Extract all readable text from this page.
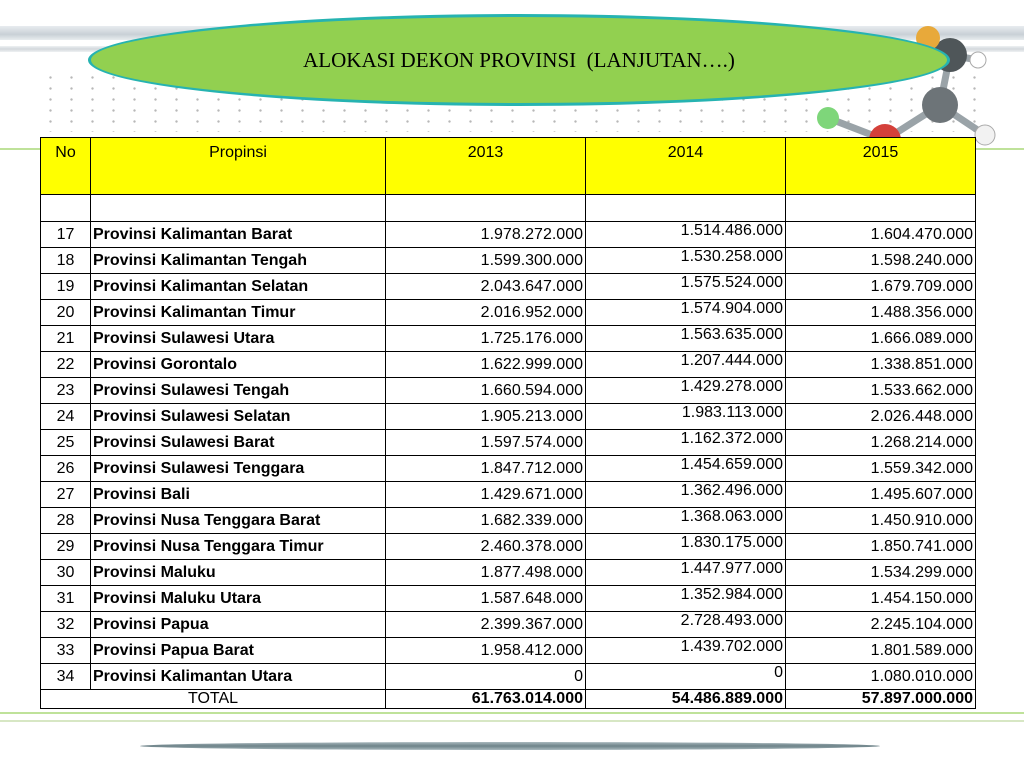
ALOKASI DEKON PROVINSI  (LANJUTAN….)
No	Propinsi	2013	2014	2015

17	Provinsi Kalimantan Barat	1.978.272.000	1.514.486.000	1.604.470.000
18	Provinsi Kalimantan Tengah	1.599.300.000	1.530.258.000	1.598.240.000
19	Provinsi Kalimantan Selatan	2.043.647.000	1.575.524.000	1.679.709.000
20	Provinsi Kalimantan Timur	2.016.952.000	1.574.904.000	1.488.356.000
21	Provinsi Sulawesi Utara	1.725.176.000	1.563.635.000	1.666.089.000
22	Provinsi Gorontalo	1.622.999.000	1.207.444.000	1.338.851.000
23	Provinsi Sulawesi Tengah	1.660.594.000	1.429.278.000	1.533.662.000
24	Provinsi Sulawesi Selatan	1.905.213.000	1.983.113.000	2.026.448.000
25	Provinsi Sulawesi Barat	1.597.574.000	1.162.372.000	1.268.214.000
26	Provinsi Sulawesi Tenggara	1.847.712.000	1.454.659.000	1.559.342.000
27	Provinsi Bali	1.429.671.000	1.362.496.000	1.495.607.000
28	Provinsi Nusa Tenggara Barat	1.682.339.000	1.368.063.000	1.450.910.000
29	Provinsi Nusa Tenggara Timur	2.460.378.000	1.830.175.000	1.850.741.000
30	Provinsi Maluku	1.877.498.000	1.447.977.000	1.534.299.000
31	Provinsi Maluku Utara	1.587.648.000	1.352.984.000	1.454.150.000
32	Provinsi Papua	2.399.367.000	2.728.493.000	2.245.104.000
33	Provinsi Papua Barat	1.958.412.000	1.439.702.000	1.801.589.000
34	Provinsi Kalimantan Utara	0	0	1.080.010.000
TOTAL		61.763.014.000	54.486.889.000	57.897.000.000
